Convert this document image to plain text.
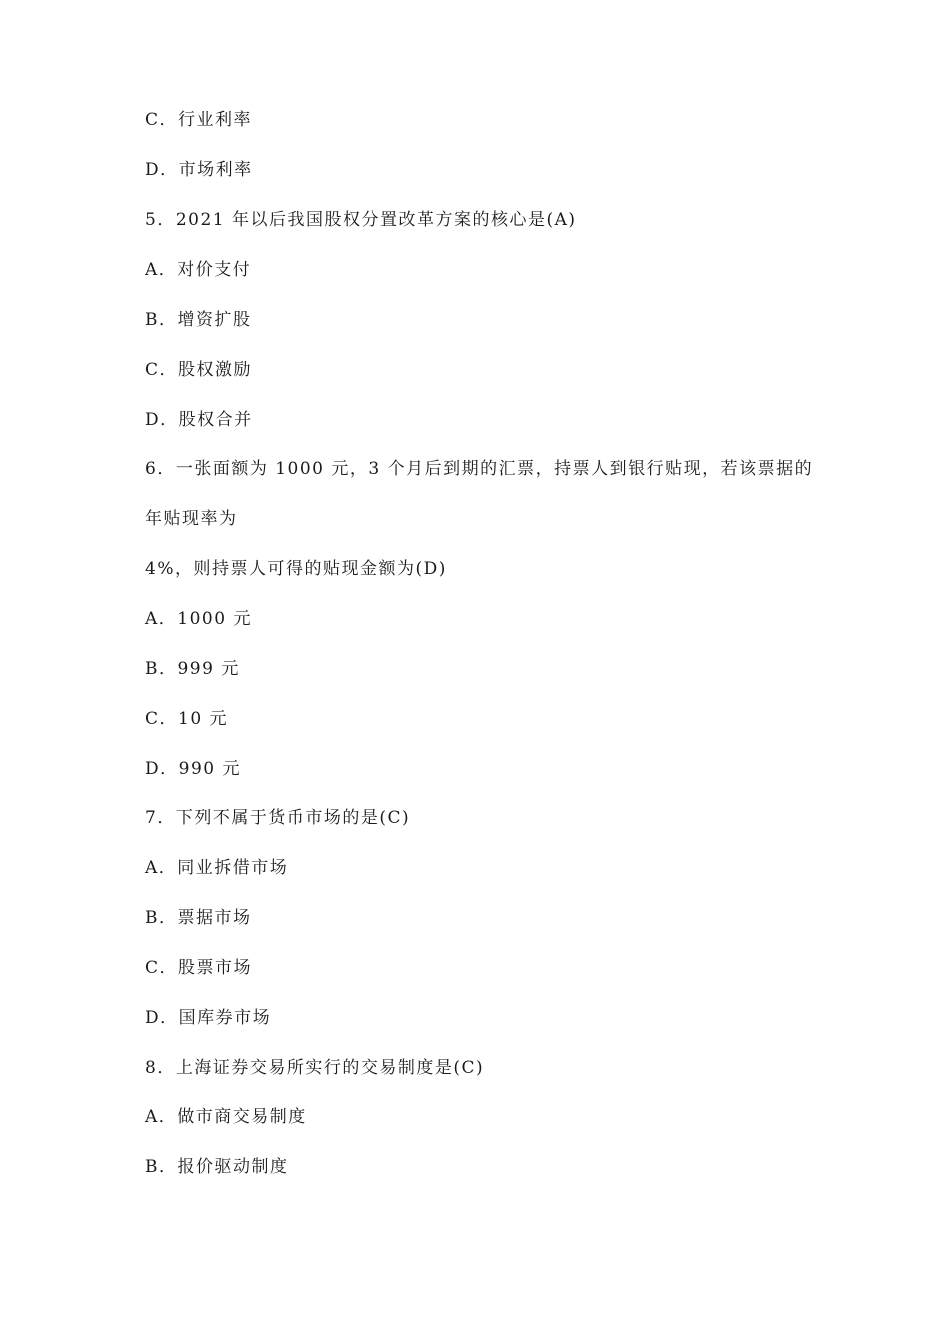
C．行业利率
D．市场利率
5．2021 年以后我国股权分置改革方案的核心是(A)
A．对价支付
B．增资扩股
C．股权激励
D．股权合并
6．一张面额为 1000 元，3 个月后到期的汇票，持票人到银行贴现，若该票据的
年贴现率为
4%，则持票人可得的贴现金额为(D)
A．1000 元
B．999 元
C．10 元
D．990 元
7．下列不属于货币市场的是(C)
A．同业拆借市场
B．票据市场
C．股票市场
D．国库券市场
8．上海证券交易所实行的交易制度是(C)
A．做市商交易制度
B．报价驱动制度
